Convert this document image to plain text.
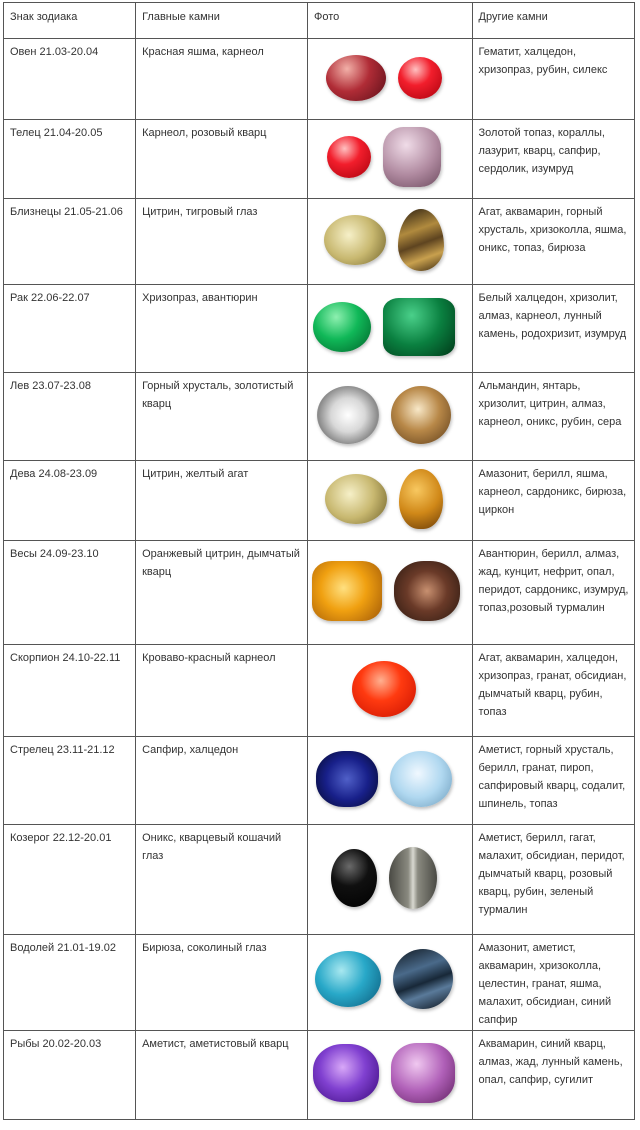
Знак зодиака	Главные камни	Фото	Другие камни
Овен 21.03-20.04	Красная яшма, карнеол		Гематит, халцедон, хризопраз, рубин, силекс
Телец 21.04-20.05	Карнеол, розовый кварц		Золотой топаз, кораллы, лазурит, кварц, сапфир, сердолик, изумруд
Близнецы 21.05-21.06	Цитрин, тигровый глаз		Агат, аквамарин, горный хрусталь, хризоколла, яшма, оникс, топаз, бирюза
Рак 22.06-22.07	Хризопраз, авантюрин		Белый халцедон, хризолит, алмаз, карнеол, лунный камень, родохризит, изумруд
Лев 23.07-23.08	Горный хрусталь, золотистый кварц		Альмандин, янтарь, хризолит, цитрин, алмаз, карнеол, оникс, рубин, сера
Дева 24.08-23.09	Цитрин, желтый агат		Амазонит, берилл, яшма, карнеол, сардоникс, бирюза, циркон
Весы 24.09-23.10	Оранжевый цитрин, дымчатый кварц		Авантюрин, берилл, алмаз, жад, кунцит, нефрит, опал, перидот, сардоникс, изумруд, топаз,розовый турмалин
Скорпион 24.10-22.11	Кроваво-красный карнеол		Агат, аквамарин, халцедон, хризопраз, гранат, обсидиан, дымчатый кварц, рубин, топаз
Стрелец 23.11-21.12	Сапфир, халцедон		Аметист, горный хрусталь, берилл, гранат, пироп, сапфировый кварц, содалит, шпинель, топаз
Козерог 22.12-20.01	Оникс, кварцевый кошачий глаз		Аметист, берилл, гагат, малахит, обсидиан, перидот, дымчатый кварц, розовый кварц, рубин, зеленый турмалин
Водолей 21.01-19.02	Бирюза, соколиный глаз		Амазонит, аметист, аквамарин, хризоколла, целестин, гранат, яшма, малахит, обсидиан, синий сапфир
Рыбы 20.02-20.03	Аметист, аметистовый кварц		Аквамарин, синий кварц, алмаз, жад, лунный камень, опал, сапфир, сугилит
